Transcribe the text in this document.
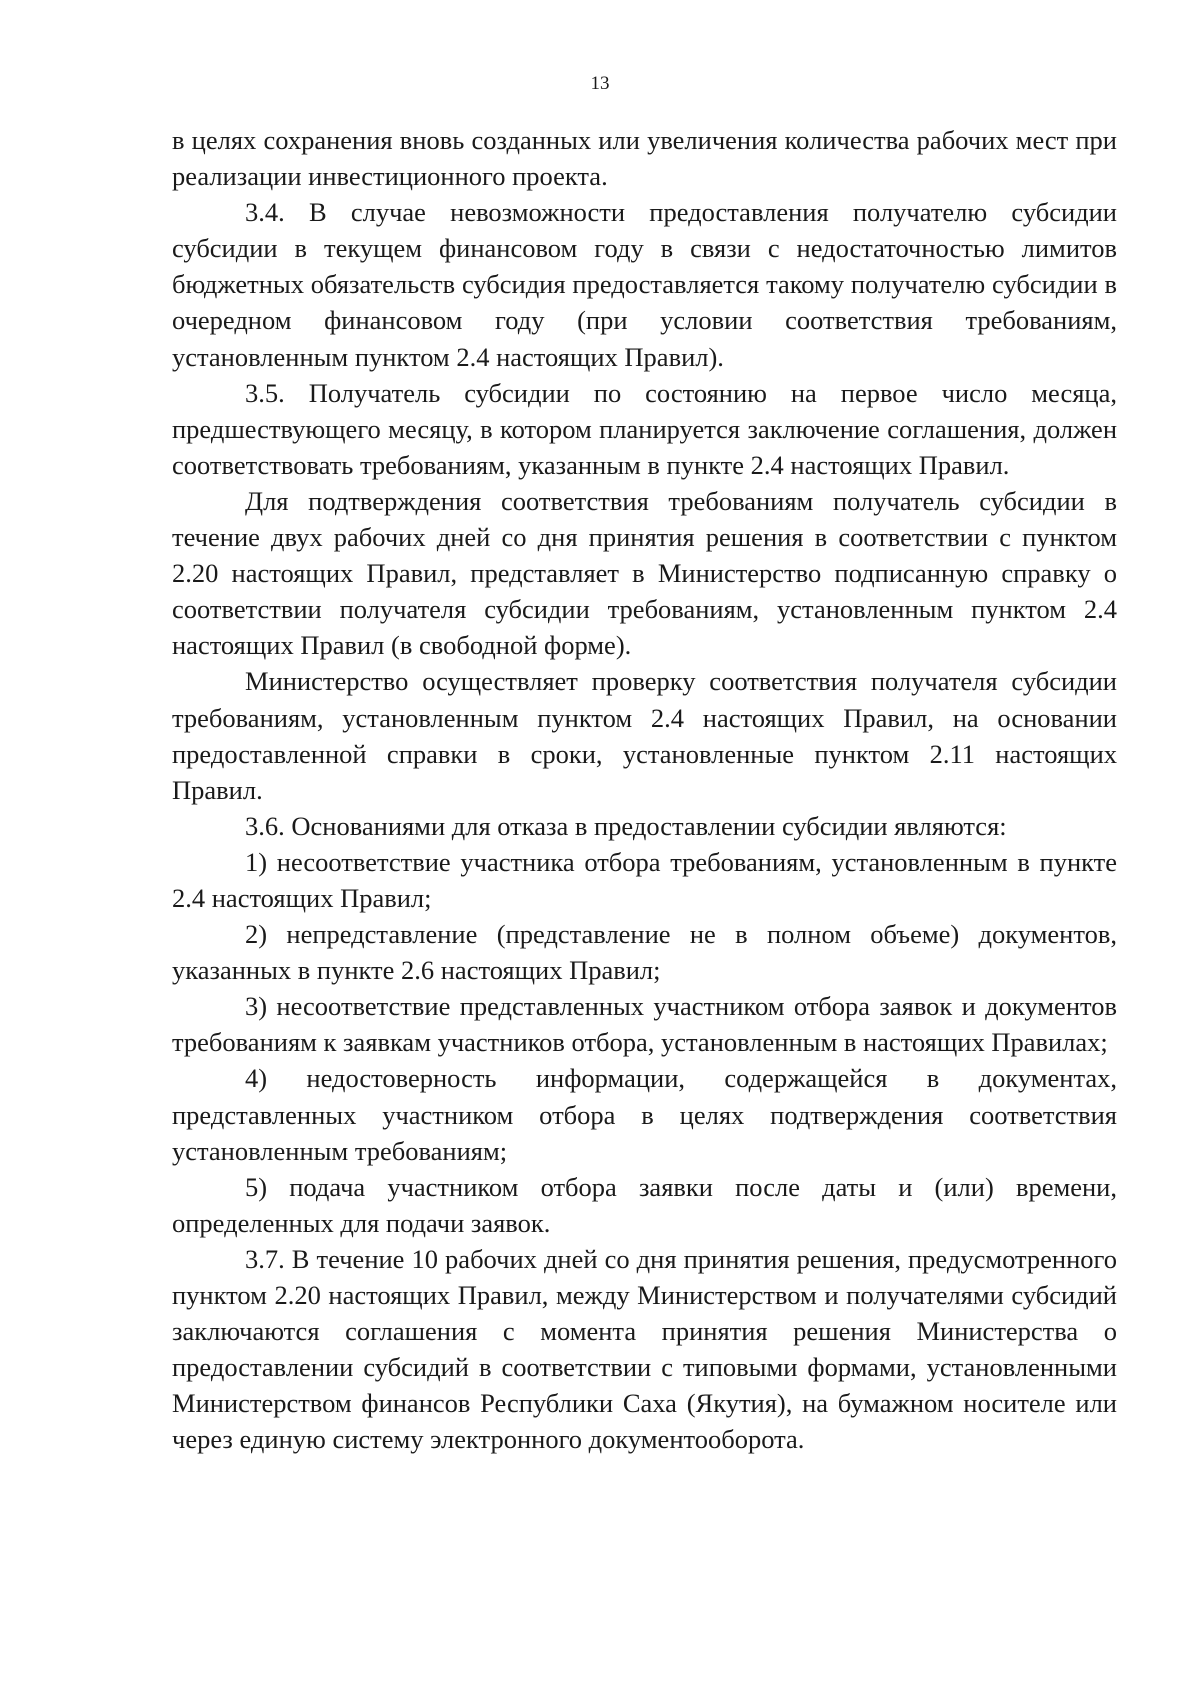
13

в целях сохранения вновь созданных или увеличения количества рабочих мест при реализации инвестиционного проекта.

3.4. В случае невозможности предоставления получателю субсидии субсидии в текущем финансовом году в связи с недостаточностью лимитов бюджетных обязательств субсидия предоставляется такому получателю субсидии в очередном финансовом году (при условии соответствия требованиям, установленным пунктом 2.4 настоящих Правил).

3.5. Получатель субсидии по состоянию на первое число месяца, предшествующего месяцу, в котором планируется заключение соглашения, должен соответствовать требованиям, указанным в пункте 2.4 настоящих Правил.

Для подтверждения соответствия требованиям получатель субсидии в течение двух рабочих дней со дня принятия решения в соответствии с пунктом 2.20 настоящих Правил, представляет в Министерство подписанную справку о соответствии получателя субсидии требованиям, установленным пунктом 2.4 настоящих Правил (в свободной форме).

Министерство осуществляет проверку соответствия получателя субсидии требованиям, установленным пунктом 2.4 настоящих Правил, на основании предоставленной справки в сроки, установленные пунктом 2.11 настоящих Правил.

3.6. Основаниями для отказа в предоставлении субсидии являются:

1) несоответствие участника отбора требованиям, установленным в пункте 2.4 настоящих Правил;

2) непредставление (представление не в полном объеме) документов, указанных в пункте 2.6 настоящих Правил;

3) несоответствие представленных участником отбора заявок и документов требованиям к заявкам участников отбора, установленным в настоящих Правилах;

4) недостоверность информации, содержащейся в документах, представленных участником отбора в целях подтверждения соответствия установленным требованиям;

5) подача участником отбора заявки после даты и (или) времени, определенных для подачи заявок.

3.7. В течение 10 рабочих дней со дня принятия решения, предусмотренного пунктом 2.20 настоящих Правил, между Министерством и получателями субсидий заключаются соглашения с момента принятия решения Министерства о предоставлении субсидий в соответствии с типовыми формами, установленными Министерством финансов Республики Саха (Якутия), на бумажном носителе или через единую систему электронного документооборота.
